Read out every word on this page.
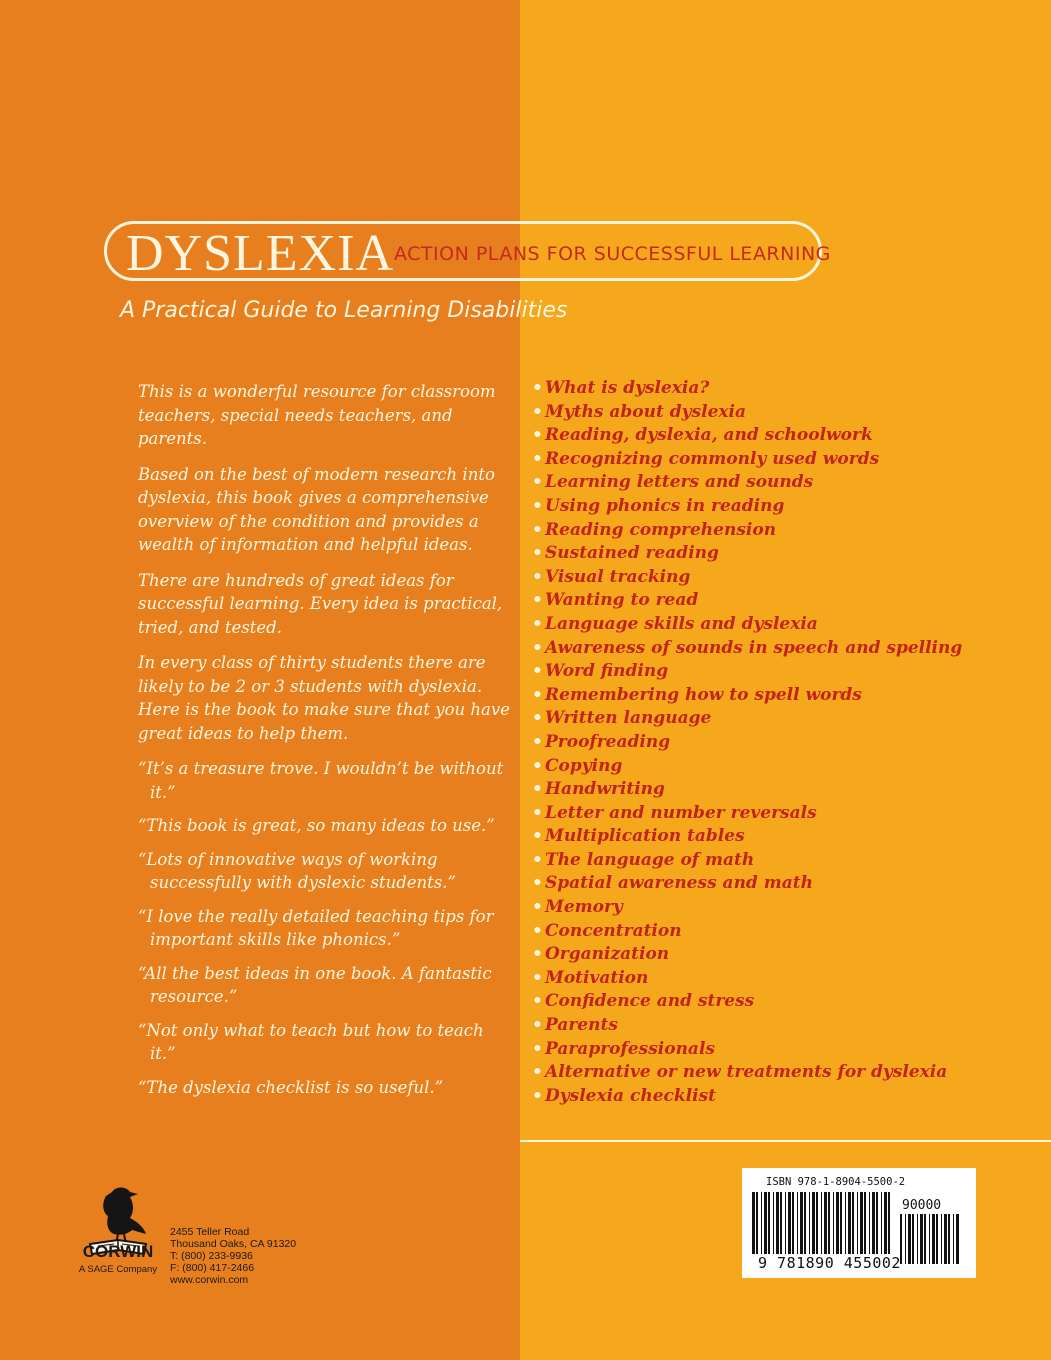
DYSLEXIA ACTION PLANS FOR SUCCESSFUL LEARNING
A Practical Guide to Learning Disabilities

This is a wonderful resource for classroom teachers, special needs teachers, and parents.

Based on the best of modern research into dyslexia, this book gives a comprehensive overview of the condition and provides a wealth of information and helpful ideas.

There are hundreds of great ideas for successful learning. Every idea is practical, tried, and tested.

In every class of thirty students there are likely to be 2 or 3 students with dyslexia. Here is the book to make sure that you have great ideas to help them.

“It’s a treasure trove. I wouldn’t be without it.”

“This book is great, so many ideas to use.”

“Lots of innovative ways of working successfully with dyslexic students.”

“I love the really detailed teaching tips for important skills like phonics.”

“All the best ideas in one book. A fantastic resource.”

“Not only what to teach but how to teach it.”

“The dyslexia checklist is so useful.”

• What is dyslexia?
• Myths about dyslexia
• Reading, dyslexia, and schoolwork
• Recognizing commonly used words
• Learning letters and sounds
• Using phonics in reading
• Reading comprehension
• Sustained reading
• Visual tracking
• Wanting to read
• Language skills and dyslexia
• Awareness of sounds in speech and spelling
• Word finding
• Remembering how to spell words
• Written language
• Proofreading
• Copying
• Handwriting
• Letter and number reversals
• Multiplication tables
• The language of math
• Spatial awareness and math
• Memory
• Concentration
• Organization
• Motivation
• Confidence and stress
• Parents
• Paraprofessionals
• Alternative or new treatments for dyslexia
• Dyslexia checklist
CORWIN
A SAGE Company
2455 Teller Road
Thousand Oaks, CA 91320
T: (800) 233-9936
F: (800) 417-2466
www.corwin.com
ISBN 978-1-8904-5500-2
90000
9 781890 455002
